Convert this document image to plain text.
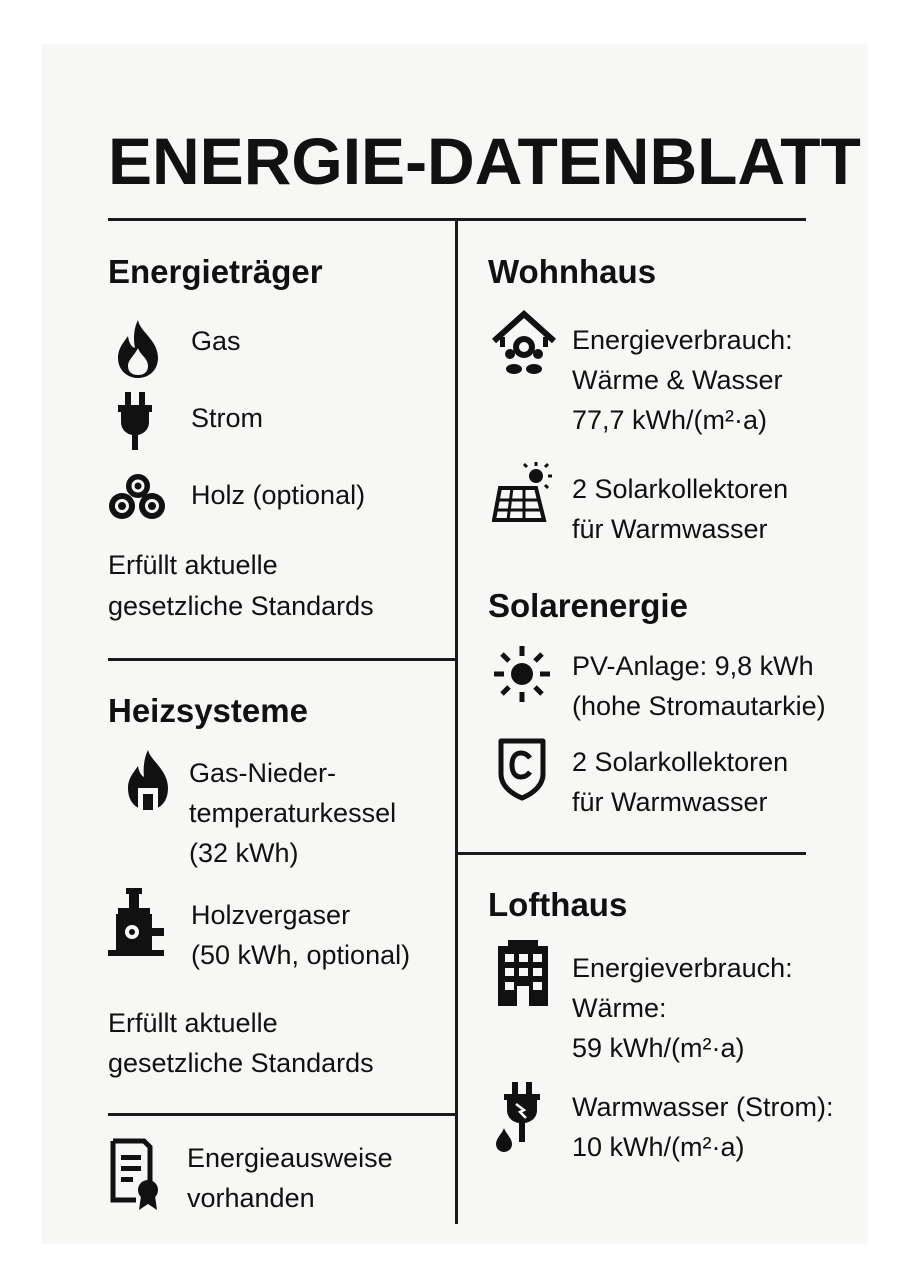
ENERGIE-DATENBLATT
Energieträger
Gas
Strom
Holz (optional)
Erfüllt aktuelle
gesetzliche Standards
Heizsysteme
Gas-Nieder-
temperaturkessel
(32 kWh)
Holzvergaser
(50 kWh, optional)
Erfüllt aktuelle
gesetzliche Standards
Energieausweise
vorhanden
Wohnhaus
Energieverbrauch:
Wärme & Wasser
77,7 kWh/(m²·a)
2 Solarkollektoren
für Warmwasser
Solarenergie
PV-Anlage: 9,8 kWh
(hohe Stromautarkie)
2 Solarkollektoren
für Warmwasser
Lofthaus
Energieverbrauch:
Wärme:
59 kWh/(m²·a)
Warmwasser (Strom):
10 kWh/(m²·a)
